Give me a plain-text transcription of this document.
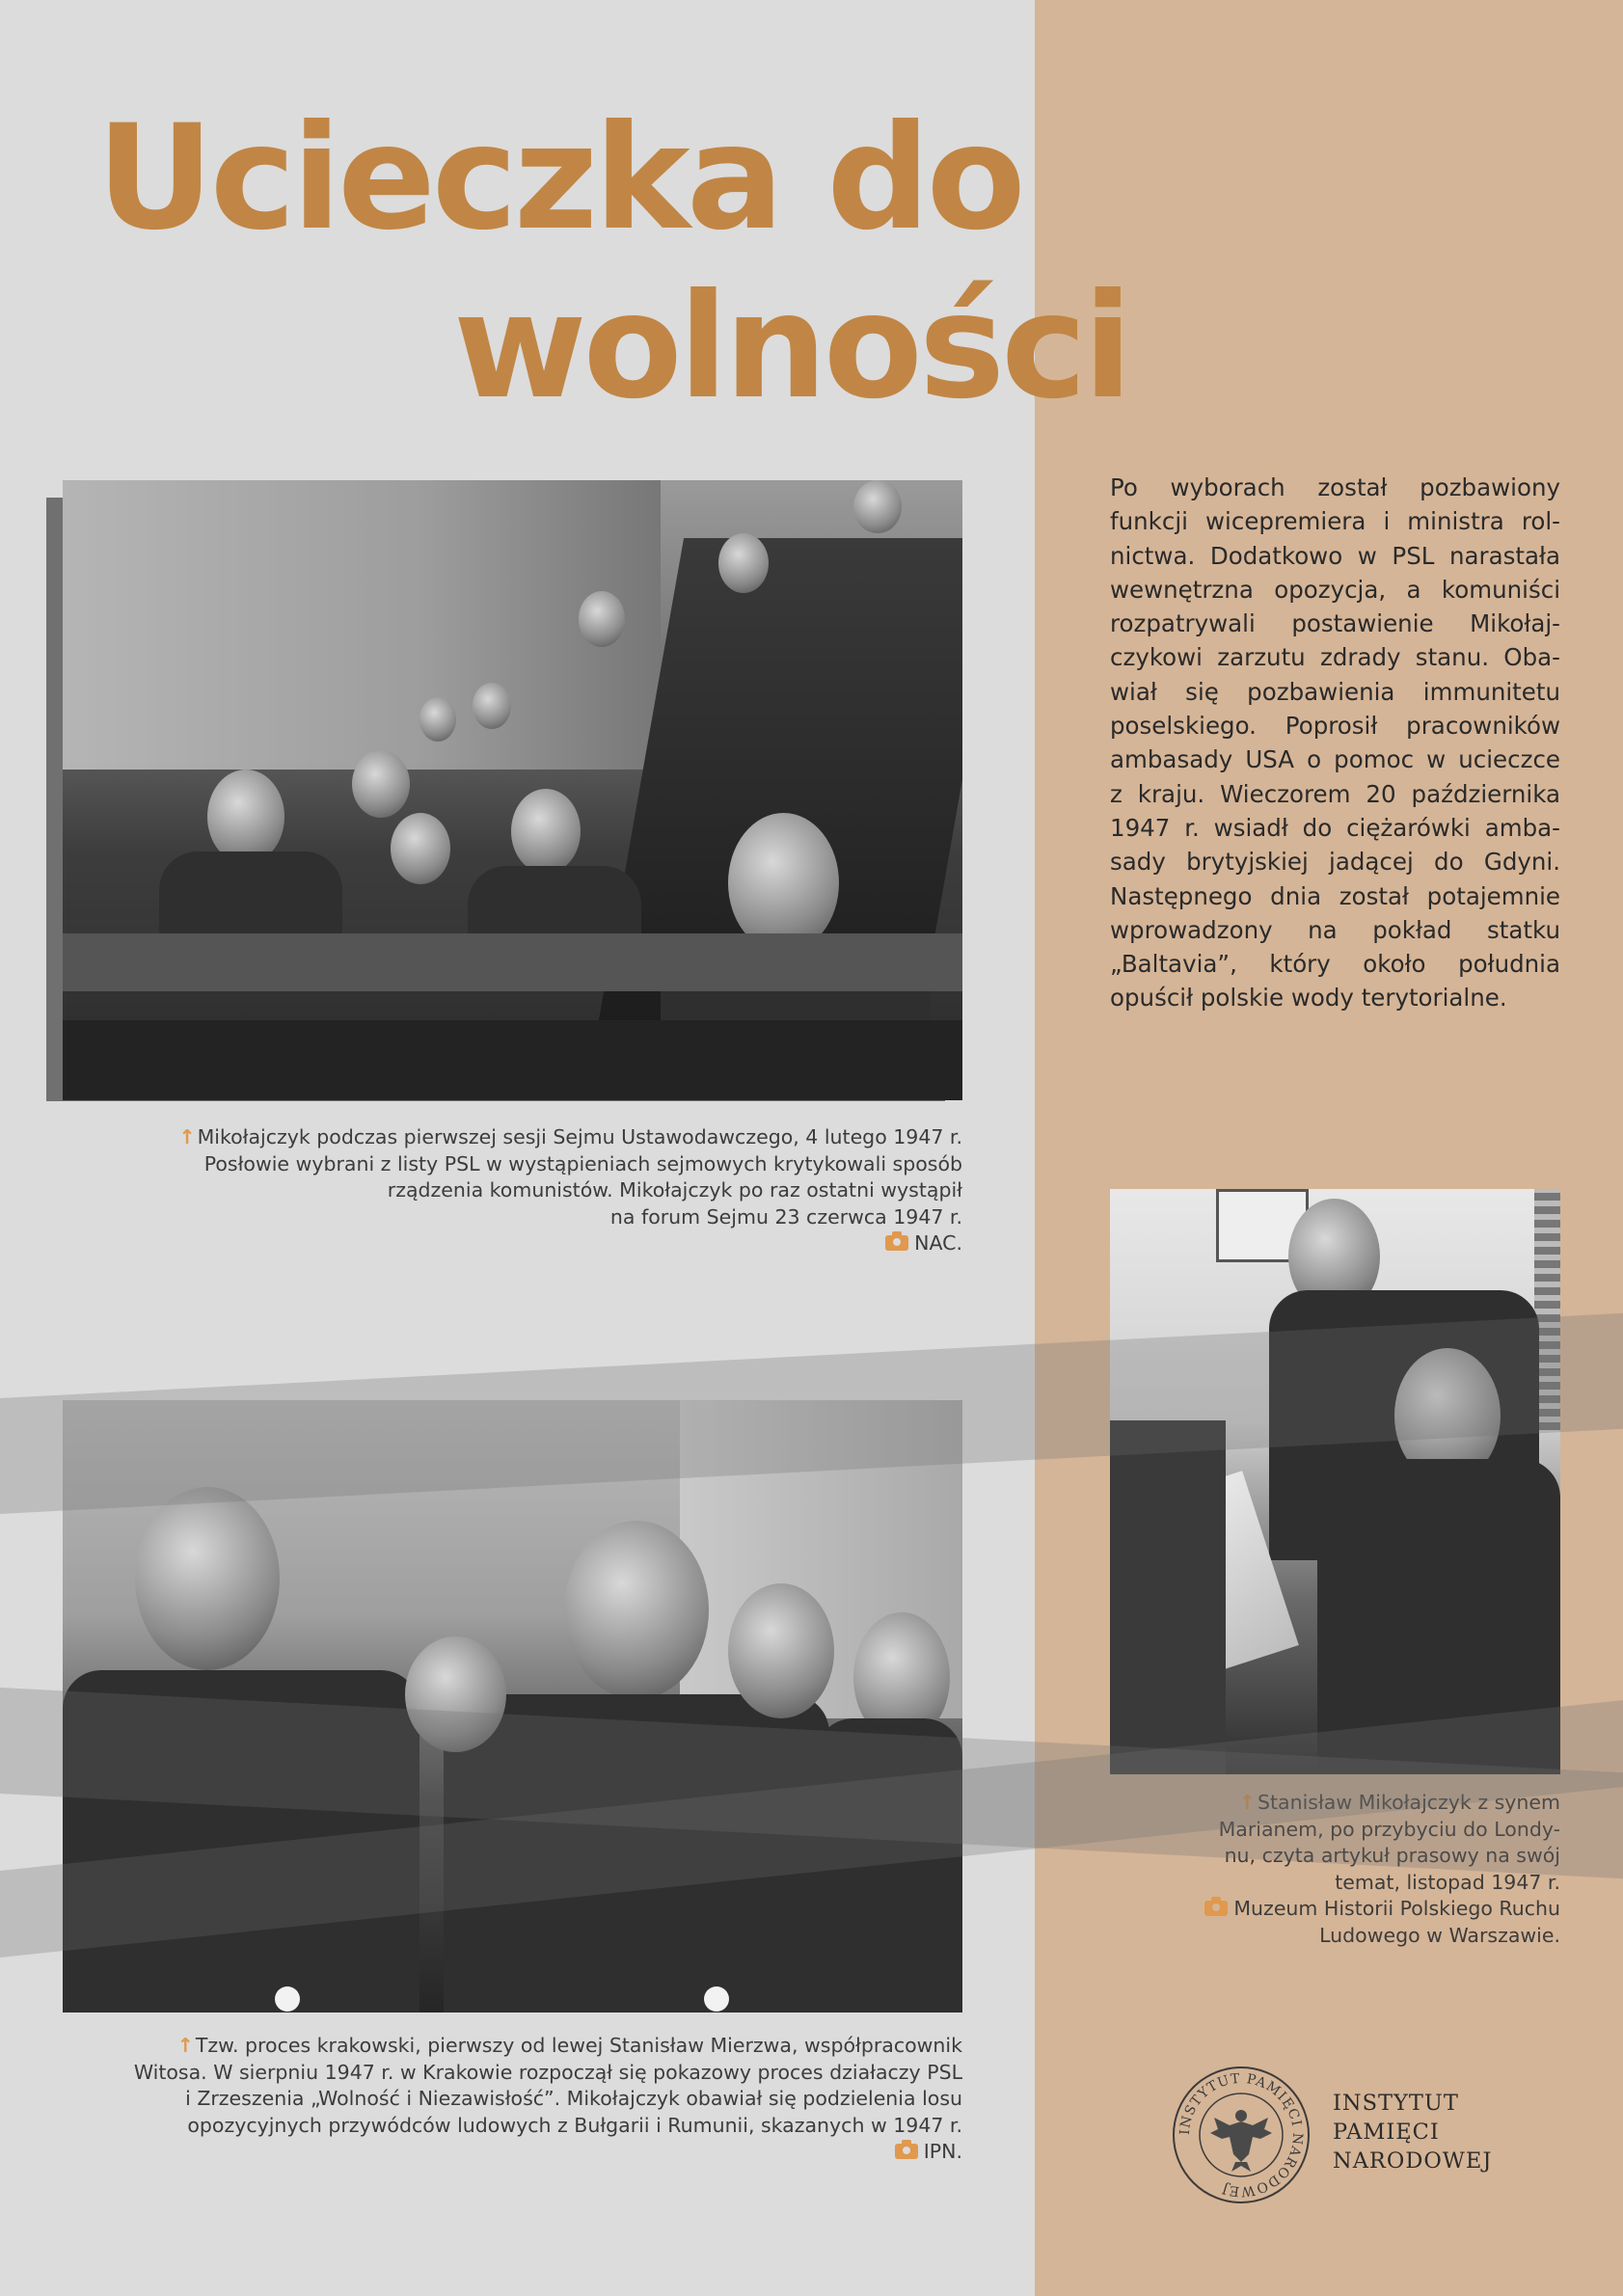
Ucieczka do
wolności

↑Mikołajczyk podczas pierwszej sesji Sejmu Ustawodawczego, 4 lutego 1947 r.
Posłowie wybrani z listy PSL w wystąpieniach sejmowych krytykowali sposób
rządzenia komunistów. Mikołajczyk po raz ostatni wystąpił
na forum Sejmu 23 czerwca 1947 r.
NAC.

↑Tzw. proces krakowski, pierwszy od lewej Stanisław Mierzwa, współpracownik
Witosa. W sierpniu 1947 r. w Krakowie rozpoczął się pokazowy proces działaczy PSL
i Zrzeszenia „Wolność i Niezawisłość”. Mikołajczyk obawiał się podzielenia losu
opozycyjnych przywódców ludowych z Bułgarii i Rumunii, skazanych w 1947 r.
IPN.

↑Stanisław Mikołajczyk z synem
Marianem, po przybyciu do Londy-
nu, czyta artykuł prasowy na swój
temat, listopad 1947 r.
Muzeum Historii Polskiego Ruchu
Ludowego w Warszawie.

Po wyborach został pozbawiony
funkcji wicepremiera i ministra rol-
nictwa. Dodatkowo w PSL narastała
wewnętrzna opozycja, a komuniści
rozpatrywali postawienie Mikołaj-
czykowi zarzutu zdrady stanu. Oba-
wiał się pozbawienia immunitetu
poselskiego. Poprosił pracowników
ambasady USA o pomoc w ucieczce
z kraju. Wieczorem 20 października
1947 r. wsiadł do ciężarówki amba-
sady brytyjskiej jadącej do Gdyni.
Następnego dnia został potajemnie
wprowadzony na pokład statku
„Baltavia”, który około południa
opuścił polskie wody terytorialne.

INSTYTUT PAMIĘCI NARODOWEJ
INSTYTUT
PAMIĘCI
NARODOWEJ
